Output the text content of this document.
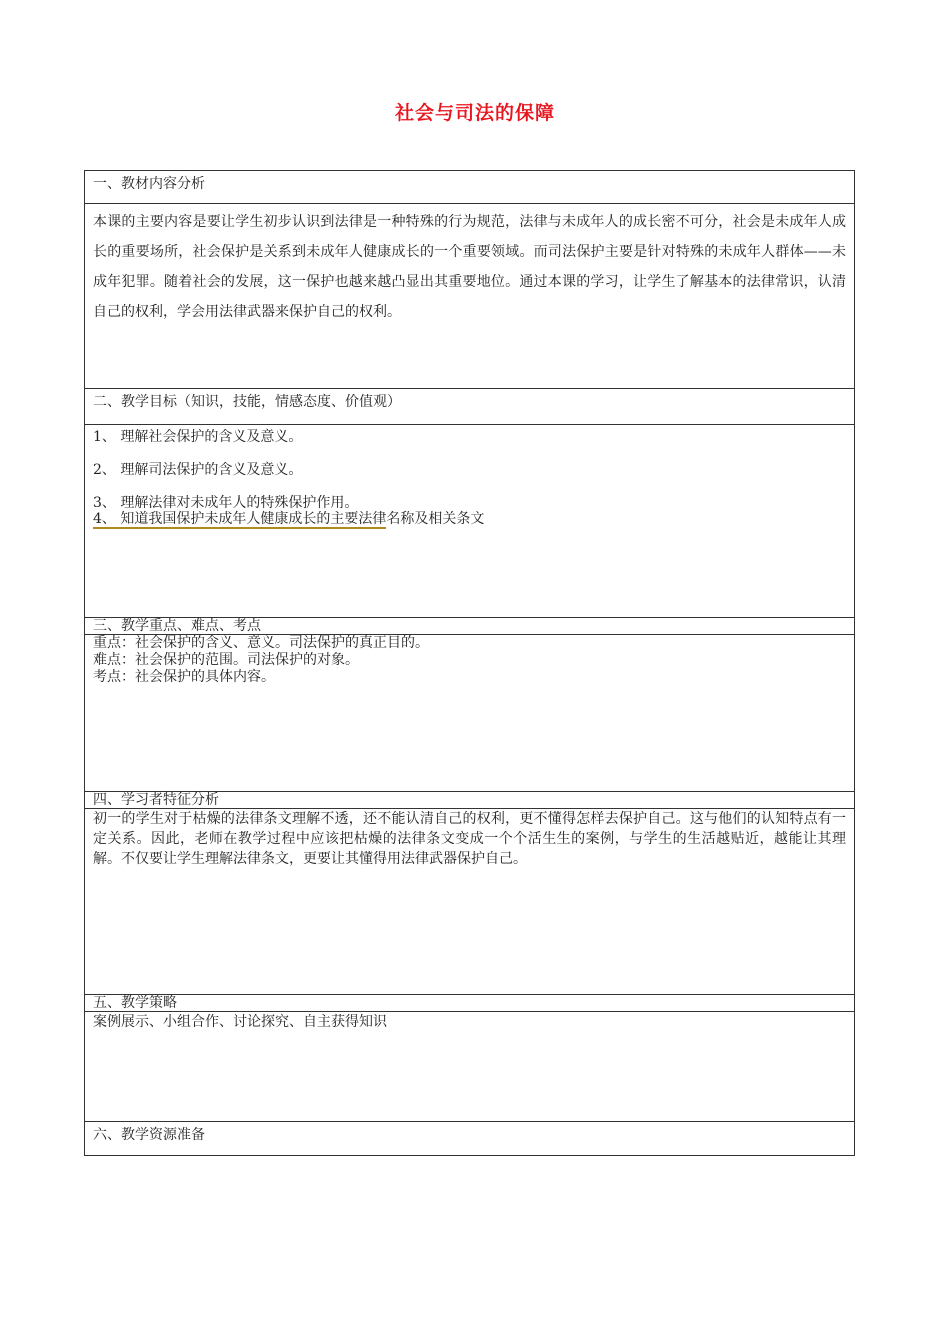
社会与司法的保障
一、教材内容分析
本课的主要内容是要让学生初步认识到法律是一种特殊的行为规范，法律与未成年人的成长密不可分，社会是未成年人成长的重要场所，社会保护是关系到未成年人健康成长的一个重要领域。而司法保护主要是针对特殊的未成年人群体——未成年犯罪。随着社会的发展，这一保护也越来越凸显出其重要地位。通过本课的学习，让学生了解基本的法律常识，认清自己的权利，学会用法律武器来保护自己的权利。
二、教学目标（知识，技能，情感态度、价值观）
1、 理解社会保护的含义及意义。
2、 理解司法保护的含义及意义。
3、 理解法律对未成年人的特殊保护作用。
4、 知道我国保护未成年人健康成长的主要法律名称及相关条文
三、教学重点、难点、考点
重点：社会保护的含义、意义。司法保护的真正目的。
难点：社会保护的范围。司法保护的对象。
考点：社会保护的具体内容。
四、学习者特征分析
初一的学生对于枯燥的法律条文理解不透，还不能认清自己的权利，更不懂得怎样去保护自己。这与他们的认知特点有一定关系。因此，老师在教学过程中应该把枯燥的法律条文变成一个个活生生的案例，与学生的生活越贴近，越能让其理解。不仅要让学生理解法律条文，更要让其懂得用法律武器保护自己。
五、教学策略
案例展示、小组合作、讨论探究、自主获得知识
六、教学资源准备
